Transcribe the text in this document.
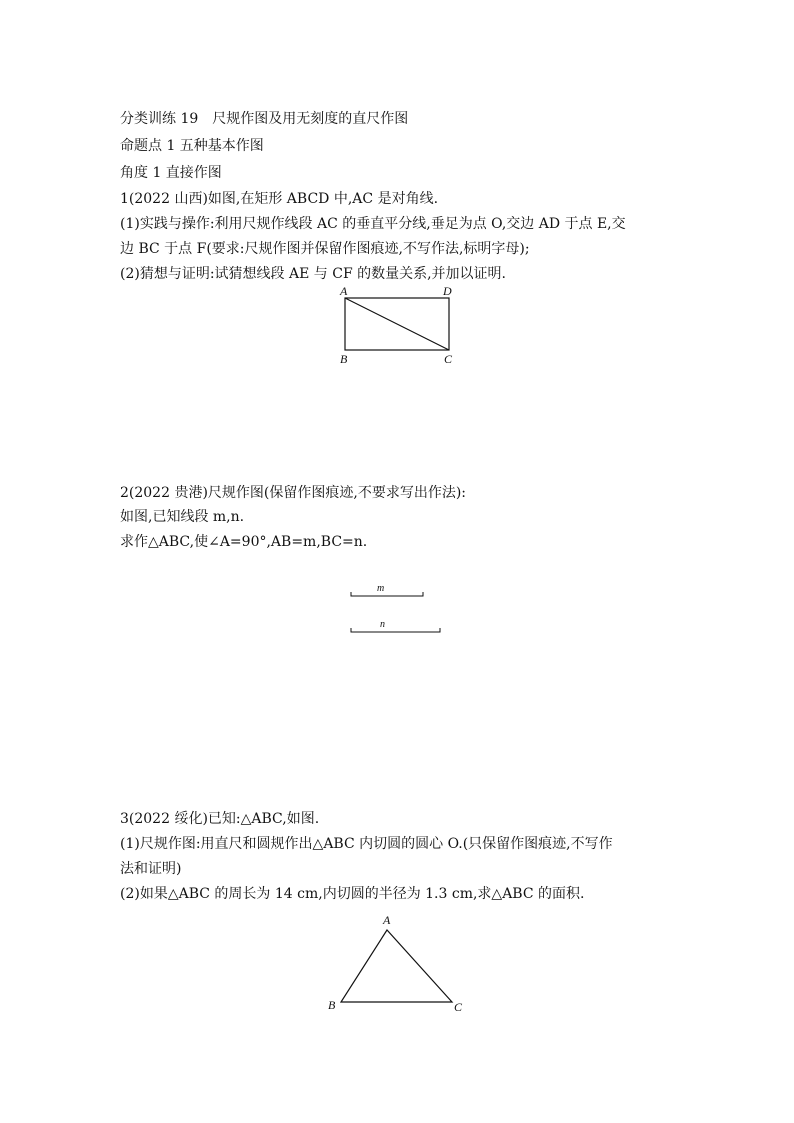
分类训练 19　尺规作图及用无刻度的直尺作图
命题点 1 五种基本作图
角度 1 直接作图
1(2022 山西)如图,在矩形 ABCD 中,AC 是对角线.
(1)实践与操作:利用尺规作线段 AC 的垂直平分线,垂足为点 O,交边 AD 于点 E,交
边 BC 于点 F(要求:尺规作图并保留作图痕迹,不写作法,标明字母);
(2)猜想与证明:试猜想线段 AE 与 CF 的数量关系,并加以证明.
2(2022 贵港)尺规作图(保留作图痕迹,不要求写出作法):
如图,已知线段 m,n.
求作△ABC,使∠A=90°,AB=m,BC=n.
3(2022 绥化)已知:△ABC,如图.
(1)尺规作图:用直尺和圆规作出△ABC 内切圆的圆心 O.(只保留作图痕迹,不写作
法和证明)
(2)如果△ABC 的周长为 14 cm,内切圆的半径为 1.3 cm,求△ABC 的面积.
A	D
B	C
m
n
A
B	C
